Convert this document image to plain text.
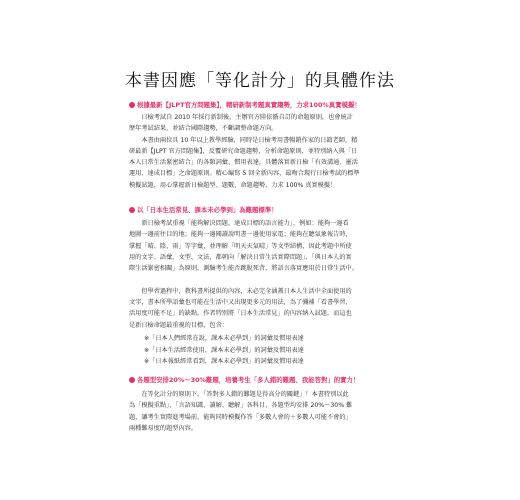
本書因應「等化計分」的具體作法
根據最新【JLPT官方問題集】，精研新制考題真實趨勢，力求100%真實模擬！
　　日檢考試自 2010 年採行新制後，主辦官方陸依循自訂的命題原則，也會統計
歷年考試結果，並結合國際趨勢，不斷調整命題方向。
　　本書由兩位具 10 年以上教學經驗，同時是日檢考用書暢銷作家的日籍老師，精
研最新【JLPT 官方問題集】，反覆研究命題趨勢，分析命題原則，並特別納入與「日
本人日常生活緊密結合」的各類詞彙、慣用表達，具體落實新日檢「有效溝通、靈活
運用、達成目標」之命題原則。精心編寫 5 回全新內容，最吻合現行日檢考試的標準
模擬試題，用心掌握新日檢題型、題數、命題趨勢，力求 100% 真實模擬！
以「日本生活常見、課本未必學到」為難題標準！
　　新日檢考試重視「能夠解決問題，達成目標的語言能力」，例如：能夠一邊看
地圖一邊前往目的地；能夠一邊閱讀說明書一邊使用家電；能夠在聽氣象報告時，
掌握「晴、陰、雨」等字彙，並理解「明天天氣晴」等文型結構，因此考題中所使
用的文字、語彙、文型、文法，都朝向「解決日常生活實際問題」、「與日本人的實
際生活緊密相關」為原則，測驗考生能否跳脫死背，將語言落實應用於日常生活中。
　　但學習過程中，教科書所提供的內容，未必完全涵蓋日本人生活中全面使用的
文字，書本所學語彙也可能在生活中又出現更多元的用法，為了彌補「看書學習，
活用度可能不足」的缺點，作者特別將「日本生活常見」的內容納入試題，而這也
是新日檢命題最重視的目標，包含：
※「日本人們經常在說，課本未必學到」的詞彙及慣用表達
※「日本生活經常使用，課本未必學到」的詞彙及慣用表達
※「日本報紙經常看到，課本未必學到」的詞彙及慣用表達
各題型安排20%～30%難題，培養考生「多人錯的難題、我能答對」的實力！
　　在等化計分的原則下，「答對多人錯的難題是得高分的關鍵」！本書特別以此
為「模擬重點」，「言語知識、讀解、聽解」各科目，各題型均安排 20%～30% 難
題，讓考生實際進考場前，能夠同時模擬作答「多數人會的＋多數人可能不會的」
兩種難易度的題型內容。
